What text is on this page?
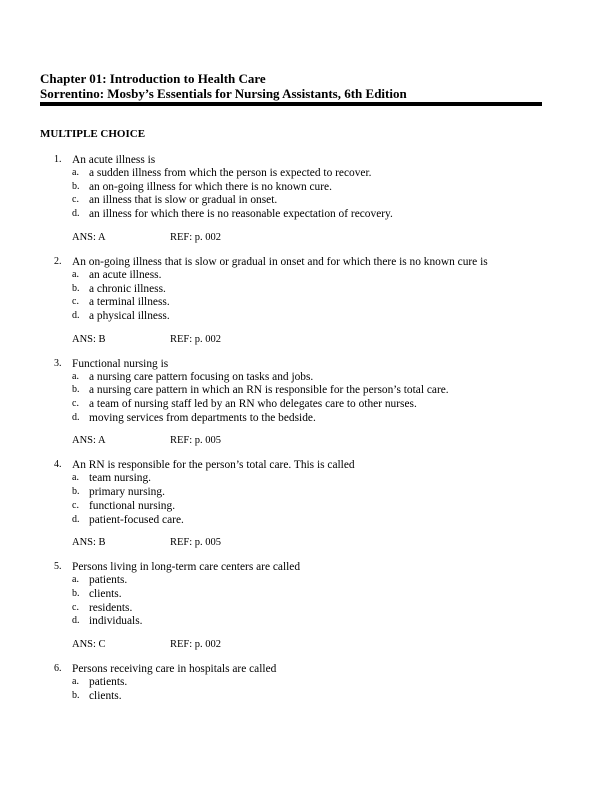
Chapter 01: Introduction to Health Care
Sorrentino: Mosby’s Essentials for Nursing Assistants, 6th Edition
MULTIPLE CHOICE
1. An acute illness is
a. a sudden illness from which the person is expected to recover.
b. an on-going illness for which there is no known cure.
c. an illness that is slow or gradual in onset.
d. an illness for which there is no reasonable expectation of recovery.
ANS: A	REF: p. 002
2. An on-going illness that is slow or gradual in onset and for which there is no known cure is
a. an acute illness.
b. a chronic illness.
c. a terminal illness.
d. a physical illness.
ANS: B	REF: p. 002
3. Functional nursing is
a. a nursing care pattern focusing on tasks and jobs.
b. a nursing care pattern in which an RN is responsible for the person’s total care.
c. a team of nursing staff led by an RN who delegates care to other nurses.
d. moving services from departments to the bedside.
ANS: A	REF: p. 005
4. An RN is responsible for the person’s total care. This is called
a. team nursing.
b. primary nursing.
c. functional nursing.
d. patient-focused care.
ANS: B	REF: p. 005
5. Persons living in long-term care centers are called
a. patients.
b. clients.
c. residents.
d. individuals.
ANS: C	REF: p. 002
6. Persons receiving care in hospitals are called
a. patients.
b. clients.
